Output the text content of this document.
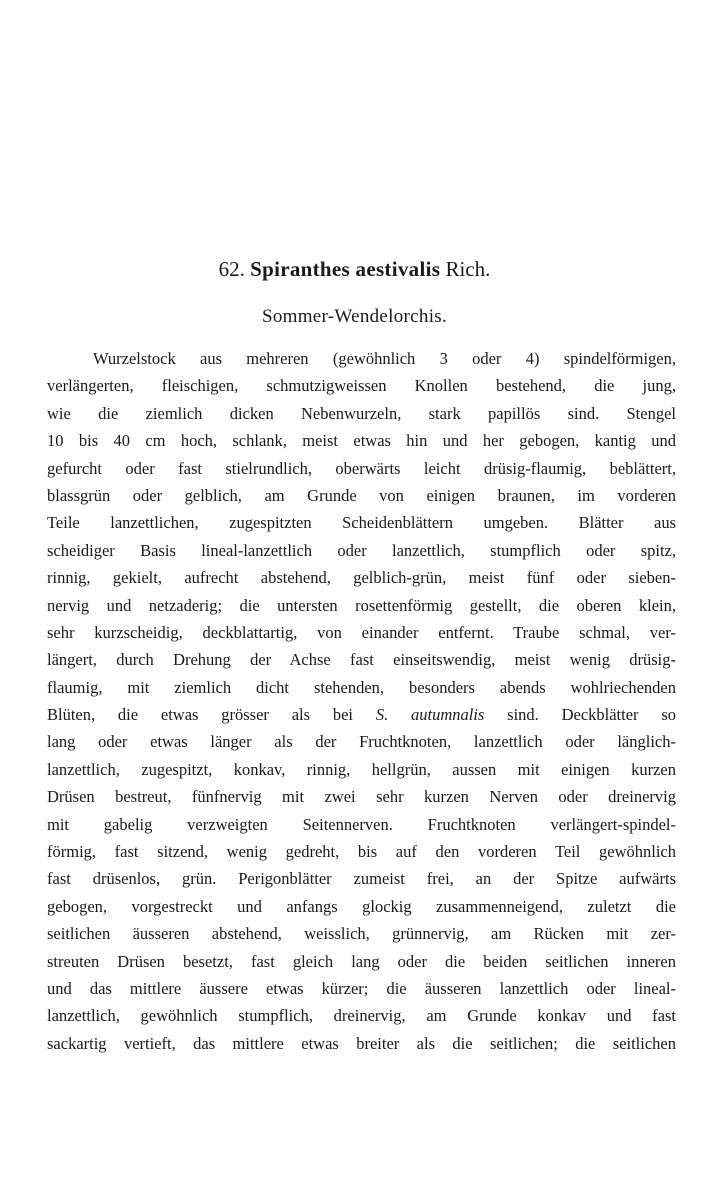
62. Spiranthes aestivalis Rich.
Sommer-Wendelorchis.
Wurzelstock aus mehreren (gewöhnlich 3 oder 4) spindelförmigen,
verlängerten, fleischigen, schmutzigweissen Knollen bestehend, die jung,
wie die ziemlich dicken Nebenwurzeln, stark papillös sind. Stengel
10 bis 40 cm hoch, schlank, meist etwas hin und her gebogen, kantig und
gefurcht oder fast stielrundlich, oberwärts leicht drüsig-flaumig, beblättert,
blassgrün oder gelblich, am Grunde von einigen braunen, im vorderen
Teile lanzettlichen, zugespitzten Scheidenblättern umgeben. Blätter aus
scheidiger Basis lineal-lanzettlich oder lanzettlich, stumpflich oder spitz,
rinnig, gekielt, aufrecht abstehend, gelblich-grün, meist fünf oder sieben-
nervig und netzaderig; die untersten rosettenförmig gestellt, die oberen klein,
sehr kurzscheidig, deckblattartig, von einander entfernt. Traube schmal, ver-
längert, durch Drehung der Achse fast einseitswendig, meist wenig drüsig-
flaumig, mit ziemlich dicht stehenden, besonders abends wohlriechenden
Blüten, die etwas grösser als bei S. autumnalis sind. Deckblätter so
lang oder etwas länger als der Fruchtknoten, lanzettlich oder länglich-
lanzettlich, zugespitzt, konkav, rinnig, hellgrün, aussen mit einigen kurzen
Drüsen bestreut, fünfnervig mit zwei sehr kurzen Nerven oder dreinervig
mit gabelig verzweigten Seitennerven. Fruchtknoten verlängert-spindel-
förmig, fast sitzend, wenig gedreht, bis auf den vorderen Teil gewöhnlich
fast drüsenlos, grün. Perigonblätter zumeist frei, an der Spitze aufwärts
gebogen, vorgestreckt und anfangs glockig zusammenneigend, zuletzt die
seitlichen äusseren abstehend, weisslich, grünnervig, am Rücken mit zer-
streuten Drüsen besetzt, fast gleich lang oder die beiden seitlichen inneren
und das mittlere äussere etwas kürzer; die äusseren lanzettlich oder lineal-
lanzettlich, gewöhnlich stumpflich, dreinervig, am Grunde konkav und fast
sackartig vertieft, das mittlere etwas breiter als die seitlichen; die seitlichen
